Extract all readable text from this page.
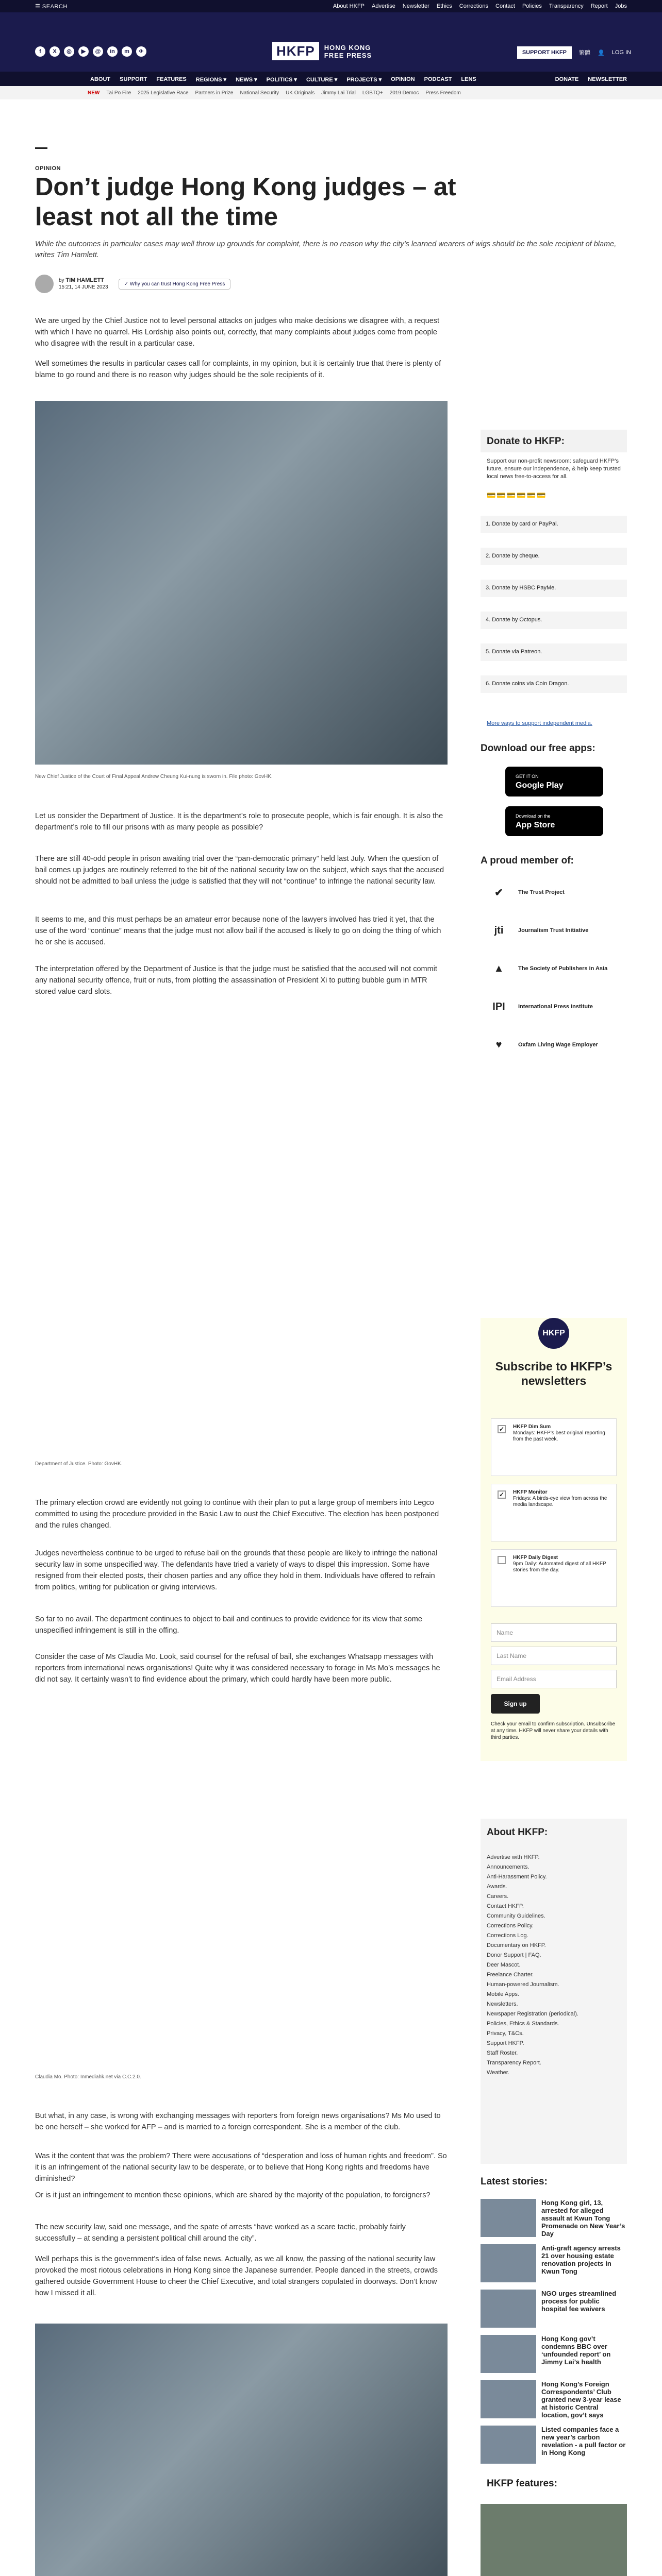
☰ SEARCH	About HKFP Advertise Newsletter Ethics Corrections Contact Policies Transparency Report Jobs
f	X	◎	▶	@	in	m	✈	HKFP	HONG KONG
FREE PRESS	SUPPORT HKFP	繁體 👤 LOG IN
ABOUT SUPPORT FEATURES REGIONS ▾ NEWS ▾ POLITICS ▾ CULTURE ▾ PROJECTS ▾ OPINION PODCAST LENS	DONATE NEWSLETTER
NEW Tai Po Fire 2025 Legislative Race Partners in Prize National Security UK Originals Jimmy Lai Trial LGBTQ+ 2019 Democ Press Freedom
OPINION
Don’t judge Hong Kong judges – at least not all the time

While the outcomes in particular cases may well throw up grounds for complaint, there is no reason why the city’s learned wearers of wigs should be the sole recipient of blame, writes Tim Hamlett.

by TIM HAMLETT
15:21, 14 JUNE 2023
✓ Why you can trust Hong Kong Free Press

We are urged by the Chief Justice not to level personal attacks on judges who make decisions we disagree with, a request with which I have no quarrel. His Lordship also points out, correctly, that many complaints about judges come from people who disagree with the result in a particular case.

Well sometimes the results in particular cases call for complaints, in my opinion, but it is certainly true that there is plenty of blame to go round and there is no reason why judges should be the sole recipients of it.

New Chief Justice of the Court of Final Appeal Andrew Cheung Kui-nung is sworn in. File photo: GovHK.

Let us consider the Department of Justice. It is the department’s role to prosecute people, which is fair enough. It is also the department’s role to fill our prisons with as many people as possible?

There are still 40-odd people in prison awaiting trial over the “pan-democratic primary” held last July. When the question of bail comes up judges are routinely referred to the bit of the national security law on the subject, which says that the accused should not be admitted to bail unless the judge is satisfied that they will not “continue” to infringe the national security law.

It seems to me, and this must perhaps be an amateur error because none of the lawyers involved has tried it yet, that the use of the word “continue” means that the judge must not allow bail if the accused is likely to go on doing the thing of which he or she is accused.

The interpretation offered by the Department of Justice is that the judge must be satisfied that the accused will not commit any national security offence, fruit or nuts, from plotting the assassination of President Xi to putting bubble gum in MTR stored value card slots.

Department of Justice. Photo: GovHK.

The primary election crowd are evidently not going to continue with their plan to put a large group of members into Legco committed to using the procedure provided in the Basic Law to oust the Chief Executive. The election has been postponed and the rules changed.

Judges nevertheless continue to be urged to refuse bail on the grounds that these people are likely to infringe the national security law in some unspecified way. The defendants have tried a variety of ways to dispel this impression. Some have resigned from their elected posts, their chosen parties and any office they hold in them. Individuals have offered to refrain from politics, writing for publication or giving interviews.

So far to no avail. The department continues to object to bail and continues to provide evidence for its view that some unspecified infringement is still in the offing.

Consider the case of Ms Claudia Mo. Look, said counsel for the refusal of bail, she exchanges Whatsapp messages with reporters from international news organisations! Quite why it was considered necessary to forage in Ms Mo’s messages he did not say. It certainly wasn’t to find evidence about the primary, which could hardly have been more public.

Claudia Mo. Photo: Inmediahk.net via C.C.2.0.

But what, in any case, is wrong with exchanging messages with reporters from foreign news organisations? Ms Mo used to be one herself – she worked for AFP – and is married to a foreign correspondent. She is a member of the club.

Was it the content that was the problem? There were accusations of “desperation and loss of human rights and freedom”. So it is an infringement of the national security law to be desperate, or to believe that Hong Kong rights and freedoms have diminished?

Or is it just an infringement to mention these opinions, which are shared by the majority of the population, to foreigners?

The new security law, said one message, and the spate of arrests “have worked as a scare tactic, probably fairly successfully – at sending a persistent political chill around the city”.

Well perhaps this is the government’s idea of false news. Actually, as we all know, the passing of the national security law provoked the most riotous celebrations in Hong Kong since the Japanese surrender. People danced in the streets, crowds gathered outside Government House to cheer the Chief Executive, and total strangers copulated in doorways. Don’t know how I missed it all.

Donate to HKFP:

Support our non-profit newsroom: safeguard HKFP’s future, ensure our independence, & help keep trusted local news free-to-access for all.

💳💳💳💳💳💳
1. Donate by card or PayPal.
2. Donate by cheque.
3. Donate by HSBC PayMe.
4. Donate by Octopus.
5. Donate via Patreon.
6. Donate coins via Coin Dragon.
More ways to support independent media.
Download our free apps:
GET IT ON
Google Play
Download on the
App Store
A proud member of:
✔	The Trust Project
jti	Journalism Trust Initiative
▲	The Society of Publishers in Asia
IPI	International Press Institute
♥	Oxfam Living Wage Employer
HKFP
Subscribe to HKFP’s newsletters
✓ HKFP Dim Sum
Mondays: HKFP’s best original reporting from the past week.
✓ HKFP Monitor
Fridays: A birds-eye view from across the media landscape.
HKFP Daily Digest
9pm Daily: Automated digest of all HKFP stories from the day.
Name
Last Name
Email Address
Sign up

Check your email to confirm subscription. Unsubscribe at any time. HKFP will never share your details with third parties.

About HKFP:
Advertise with HKFP.
Announcements.
Anti-Harassment Policy.
Awards.
Careers.
Contact HKFP.
Community Guidelines.
Corrections Policy.
Corrections Log.
Documentary on HKFP.
Donor Support | FAQ.
Deer Mascot.
Freelance Charter.
Human-powered Journalism.
Mobile Apps.
Newsletters.
Newspaper Registration (periodical).
Policies, Ethics & Standards.
Privacy, T&Cs.
Support HKFP.
Staff Roster.
Transparency Report.
Weather.
Latest stories:
Hong Kong girl, 13, arrested for alleged assault at Kwun Tong Promenade on New Year’s Day
Anti-graft agency arrests 21 over housing estate renovation projects in Kwun Tong
NGO urges streamlined process for public hospital fee waivers
Hong Kong gov’t condemns BBC over ‘unfounded report’ on Jimmy Lai’s health
Hong Kong’s Foreign Correspondents’ Club granted new 3-year lease at historic Central location, gov’t says
Listed companies face a new year’s carbon revelation - a pull factor or in Hong Kong
HKFP features:
